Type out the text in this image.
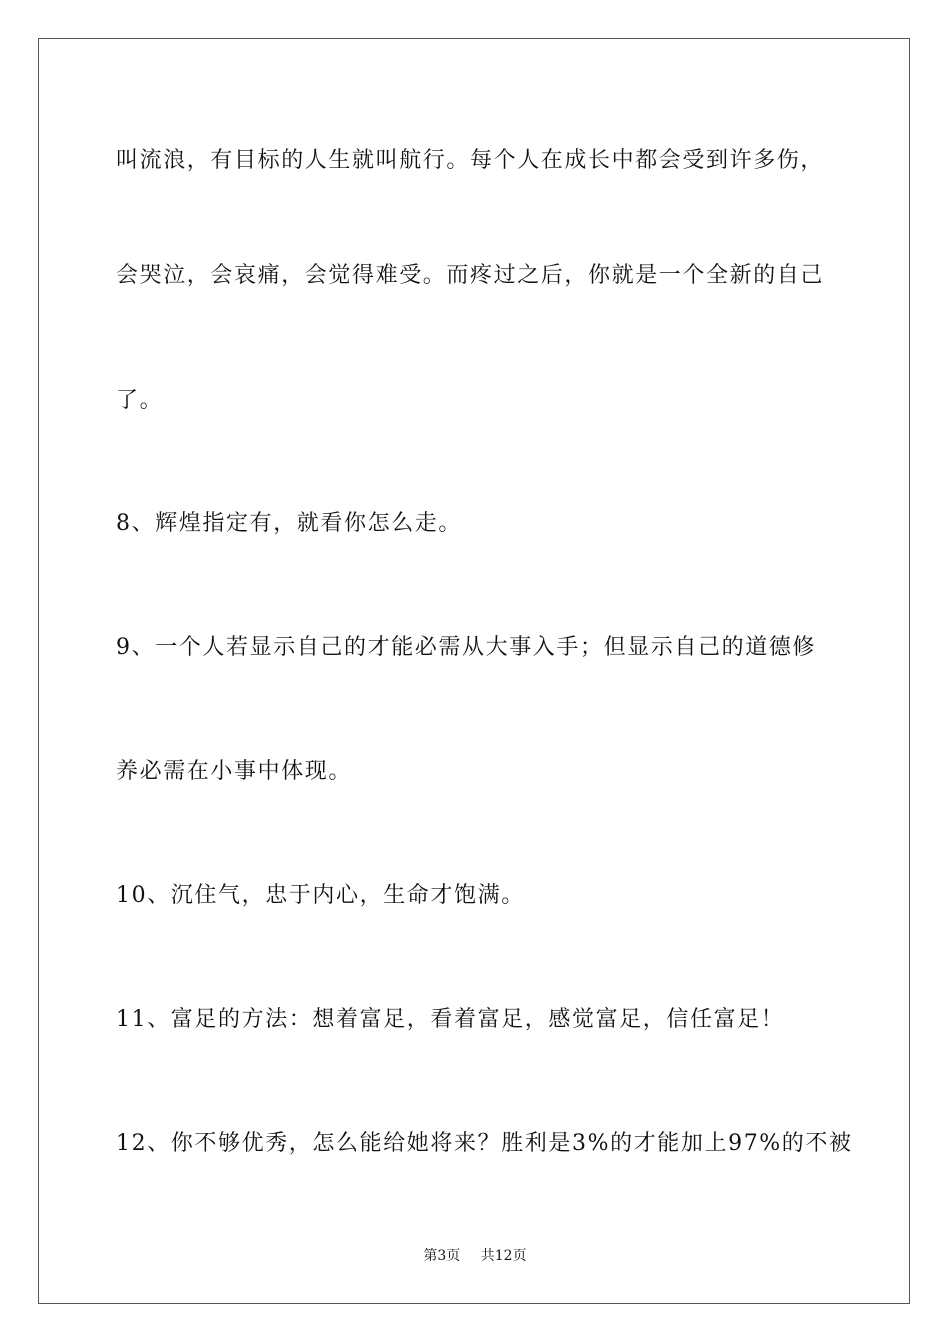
叫流浪，有目标的人生就叫航行。每个人在成长中都会受到许多伤，

会哭泣，会哀痛，会觉得难受。而疼过之后，你就是一个全新的自己

了。

8、辉煌指定有，就看你怎么走。

9、一个人若显示自己的才能必需从大事入手；但显示自己的道德修

养必需在小事中体现。

10、沉住气，忠于内心，生命才饱满。

11、富足的方法：想着富足，看着富足，感觉富足，信任富足！

12、你不够优秀，怎么能给她将来？胜利是3%的才能加上97%的不被

第3页 共12页
